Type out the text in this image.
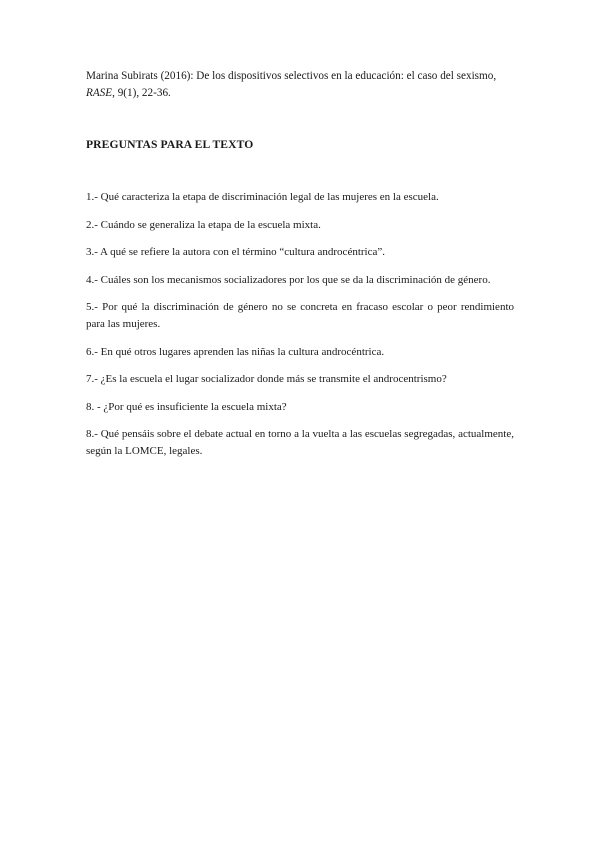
Marina Subirats (2016): De los dispositivos selectivos en la educación: el caso del sexismo,
RASE, 9(1), 22-36.

PREGUNTAS PARA EL TEXTO
1.- Qué caracteriza la etapa de discriminación legal de las mujeres en la escuela.
2.- Cuándo se generaliza la etapa de la escuela mixta.
3.- A qué se refiere la autora con el término “cultura androcéntrica”.
4.- Cuáles son los mecanismos socializadores por los que se da la discriminación de género.
5.- Por qué la discriminación de género no se concreta en fracaso escolar o peor rendimiento para las mujeres.
6.- En qué otros lugares aprenden las niñas la cultura androcéntrica.
7.- ¿Es la escuela el lugar socializador donde más se transmite el androcentrismo?
8. - ¿Por qué es insuficiente la escuela mixta?
8.- Qué pensáis sobre el debate actual en torno a la vuelta a las escuelas segregadas, actualmente, según la LOMCE, legales.
